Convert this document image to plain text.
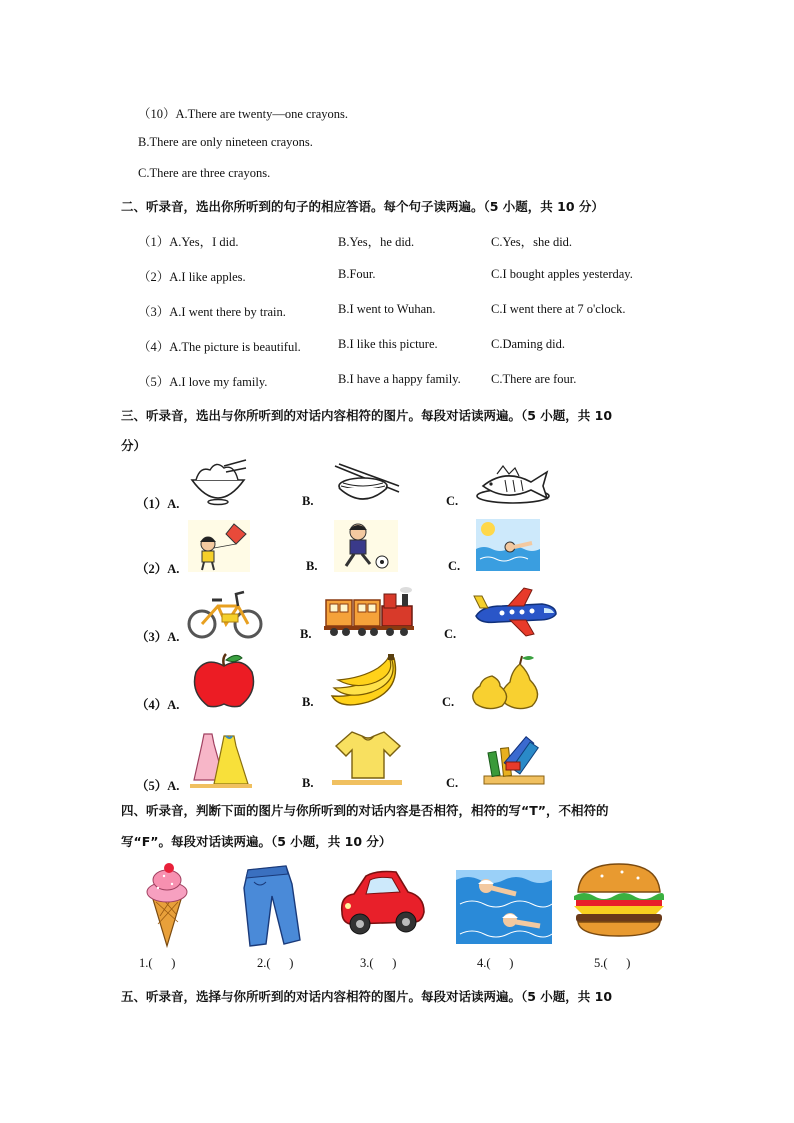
（10）A.There are twenty—one crayons.
B.There are only nineteen crayons.
C.There are three crayons.
二、听录音，选出你所听到的句子的相应答语。每个句子读两遍。（5 小题，共 10 分）
（1）A.Yes，I did.	B.Yes，he did.	C.Yes，she did.
（2）A.I like apples.	B.Four.	C.I bought apples yesterday.
（3）A.I went there by train.	B.I went to Wuhan.	C.I went there at 7 o'clock.
（4）A.The picture is beautiful.	B.I like this picture.	C.Daming did.
（5）A.I love my family.	B.I have a happy family. C.There are four.
三、听录音，选出与你所听到的对话内容相符的图片。每段对话读两遍。（5 小题，共 10
分）
（1）A.	B.	C.
（2）A.	B.	C.
（3）A.	B.	C.
（4）A.	B.	C.
（5）A.	B.	C.
四、听录音，判断下面的图片与你所听到的对话内容是否相符，相符的写“T”，不相符的
写“F”。每段对话读两遍。（5 小题，共 10 分）
1.(      )	2.(      )	3.(      )	4.(      )	5.(      )
五、听录音，选择与你所听到的对话内容相符的图片。每段对话读两遍。（5 小题，共 10
